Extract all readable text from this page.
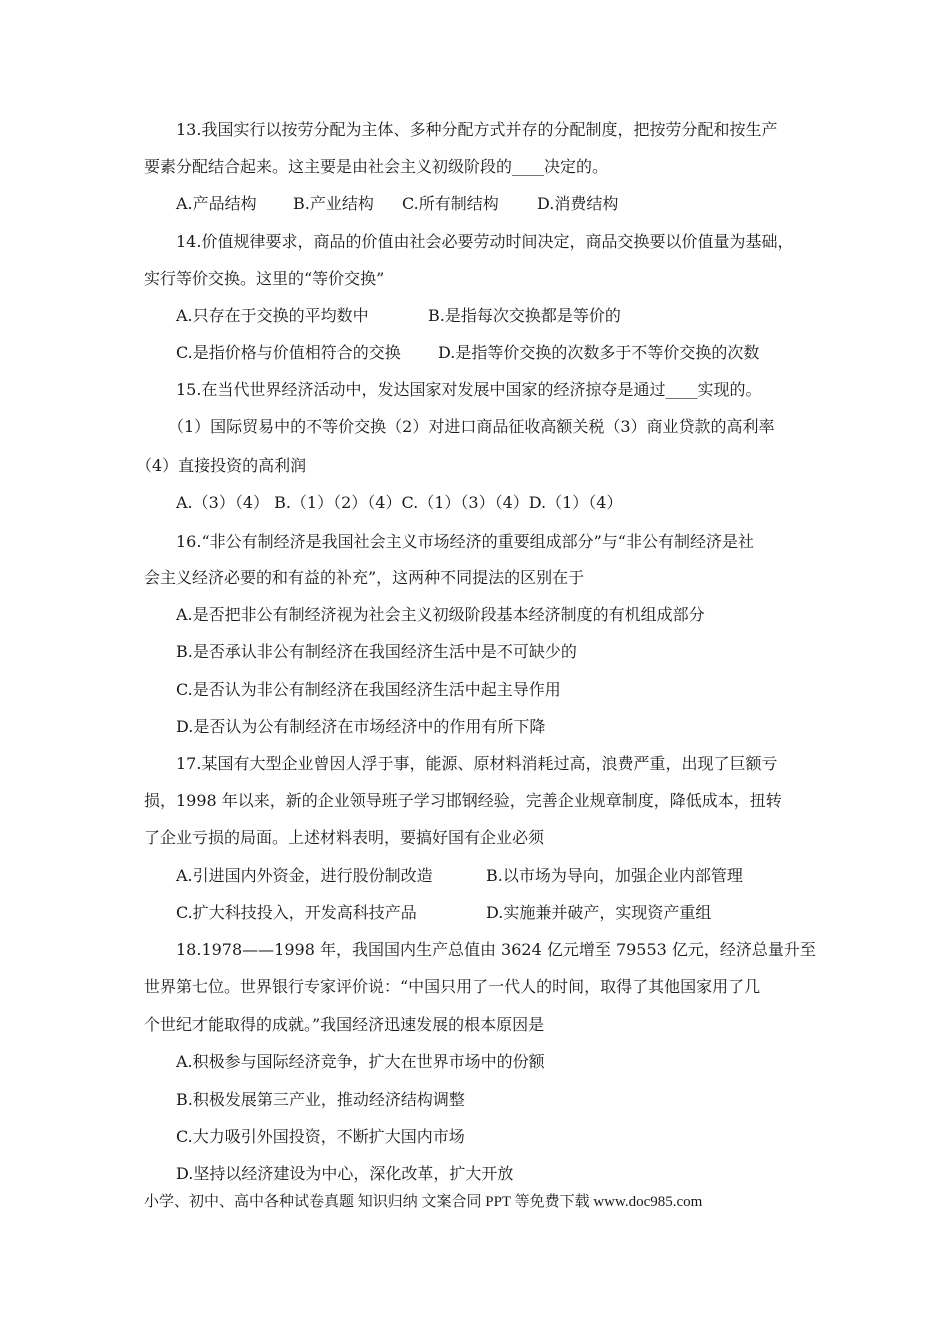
13.我国实行以按劳分配为主体、多种分配方式并存的分配制度，把按劳分配和按生产
要素分配结合起来。这主要是由社会主义初级阶段的____决定的。
A.产品结构 B.产业结构 C.所有制结构 D.消费结构
14.价值规律要求，商品的价值由社会必要劳动时间决定，商品交换要以价值量为基础，
实行等价交换。这里的“等价交换”
A.只存在于交换的平均数中	B.是指每次交换都是等价的
C.是指价格与价值相符合的交换 D.是指等价交换的次数多于不等价交换的次数
15.在当代世界经济活动中，发达国家对发展中国家的经济掠夺是通过____实现的。
（1）国际贸易中的不等价交换（2）对进口商品征收高额关税（3）商业贷款的高利率
（4）直接投资的高利润
A.（3）（4） B.（1）（2）（4）C.（1）（3）（4）D.（1）（4）
16.“非公有制经济是我国社会主义市场经济的重要组成部分”与“非公有制经济是社
会主义经济必要的和有益的补充”，这两种不同提法的区别在于
A.是否把非公有制经济视为社会主义初级阶段基本经济制度的有机组成部分
B.是否承认非公有制经济在我国经济生活中是不可缺少的
C.是否认为非公有制经济在我国经济生活中起主导作用
D.是否认为公有制经济在市场经济中的作用有所下降
17.某国有大型企业曾因人浮于事，能源、原材料消耗过高，浪费严重，出现了巨额亏
损，1998 年以来，新的企业领导班子学习邯钢经验，完善企业规章制度，降低成本，扭转
了企业亏损的局面。上述材料表明，要搞好国有企业必须
A.引进国内外资金，进行股份制改造	B.以市场为导向，加强企业内部管理
C.扩大科技投入，开发高科技产品	D.实施兼并破产，实现资产重组
18.1978——1998 年，我国国内生产总值由 3624 亿元增至 79553 亿元，经济总量升至
世界第七位。世界银行专家评价说：“中国只用了一代人的时间，取得了其他国家用了几
个世纪才能取得的成就。”我国经济迅速发展的根本原因是
A.积极参与国际经济竞争，扩大在世界市场中的份额
B.积极发展第三产业，推动经济结构调整
C.大力吸引外国投资，不断扩大国内市场
D.坚持以经济建设为中心，深化改革，扩大开放
小学、初中、高中各种试卷真题 知识归纳 文案合同 PPT 等免费下载 www.doc985.com
